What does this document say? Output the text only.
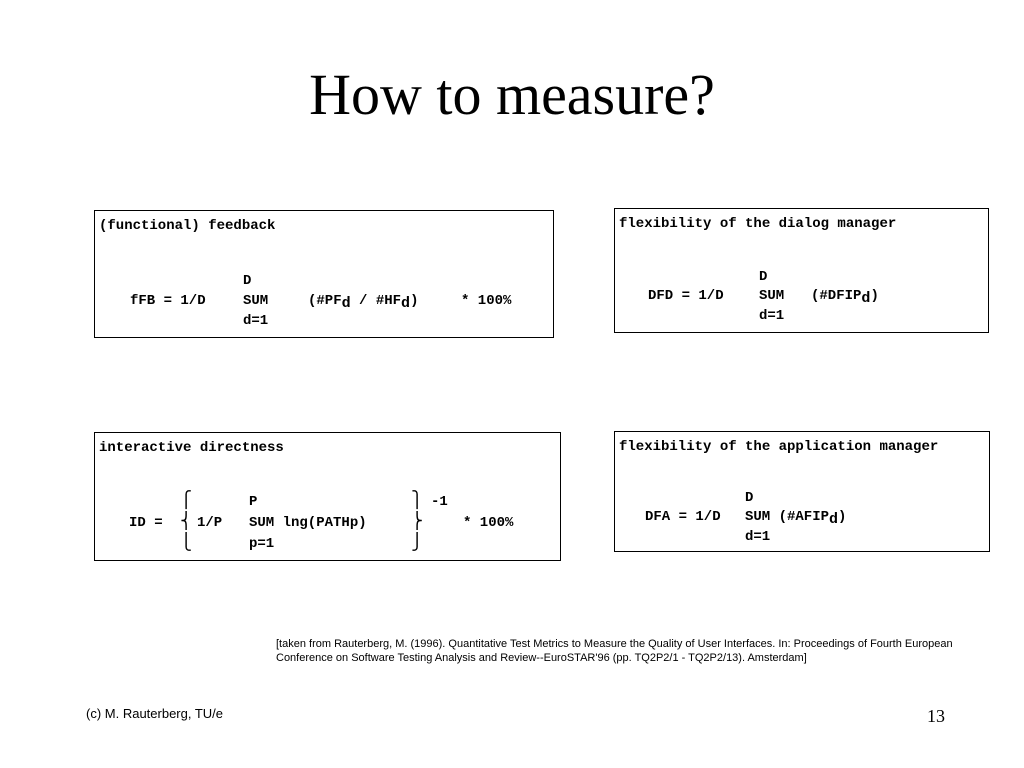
How to measure?
(functional) feedback
D
fFB = 1/D	SUM	(#PFd / #HFd)	* 100%
d=1
flexibility of the dialog manager
D
DFD = 1/D	SUM (#DFIPd)
d=1
interactive directness
P	-1
ID =
⎧
⎨
⎩
1/P SUM lng(PATHp)
⎫
⎬
⎭
* 100%
p=1
flexibility of the application manager
D
DFA = 1/D SUM (#AFIPd)
d=1
[taken from Rauterberg, M. (1996). Quantitative Test Metrics to Measure the Quality of User Interfaces. In: Proceedings of Fourth European Conference on Software Testing Analysis and Review--EuroSTAR'96 (pp. TQ2P2/1 - TQ2P2/13). Amsterdam]
(c) M. Rauterberg, TU/e	13
